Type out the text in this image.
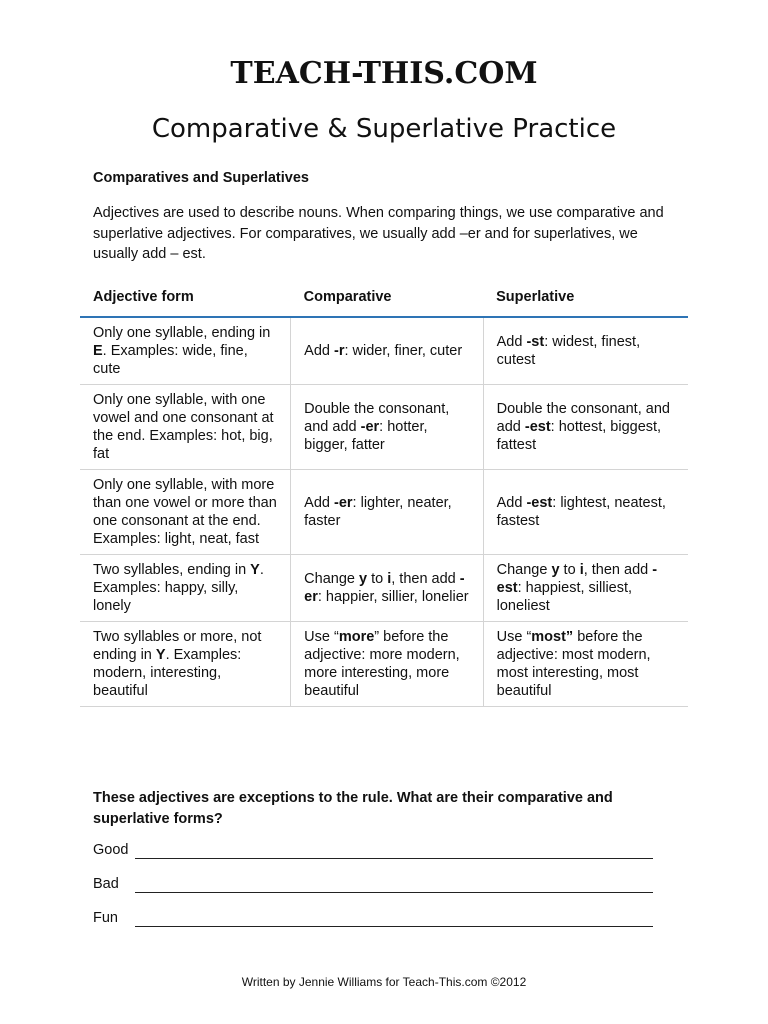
TEACH-THIS.COM
Comparative & Superlative Practice
Comparatives and Superlatives
Adjectives are used to describe nouns. When comparing things, we use comparative and superlative adjectives. For comparatives, we usually add –er and for superlatives, we usually add – est.
Adjective form	Comparative	Superlative
Only one syllable, ending in E. Examples: wide, fine, cute	Add -r: wider, finer, cuter	Add -st: widest, finest, cutest
Only one syllable, with one vowel and one consonant at the end. Examples: hot, big, fat	Double the consonant, and add -er: hotter, bigger, fatter	Double the consonant, and add -est: hottest, biggest, fattest
Only one syllable, with more than one vowel or more than one consonant at the end. Examples: light, neat, fast	Add -er: lighter, neater, faster	Add -est: lightest, neatest, fastest
Two syllables, ending in Y. Examples: happy, silly, lonely	Change y to i, then add -er: happier, sillier, lonelier	Change y to i, then add -est: happiest, silliest, loneliest
Two syllables or more, not ending in Y. Examples: modern, interesting, beautiful	Use “more” before the adjective: more modern, more interesting, more beautiful	Use “most” before the adjective: most modern, most interesting, most beautiful
These adjectives are exceptions to the rule. What are their comparative and superlative forms?
Good
Bad
Fun
Written by Jennie Williams for Teach-This.com ©2012
